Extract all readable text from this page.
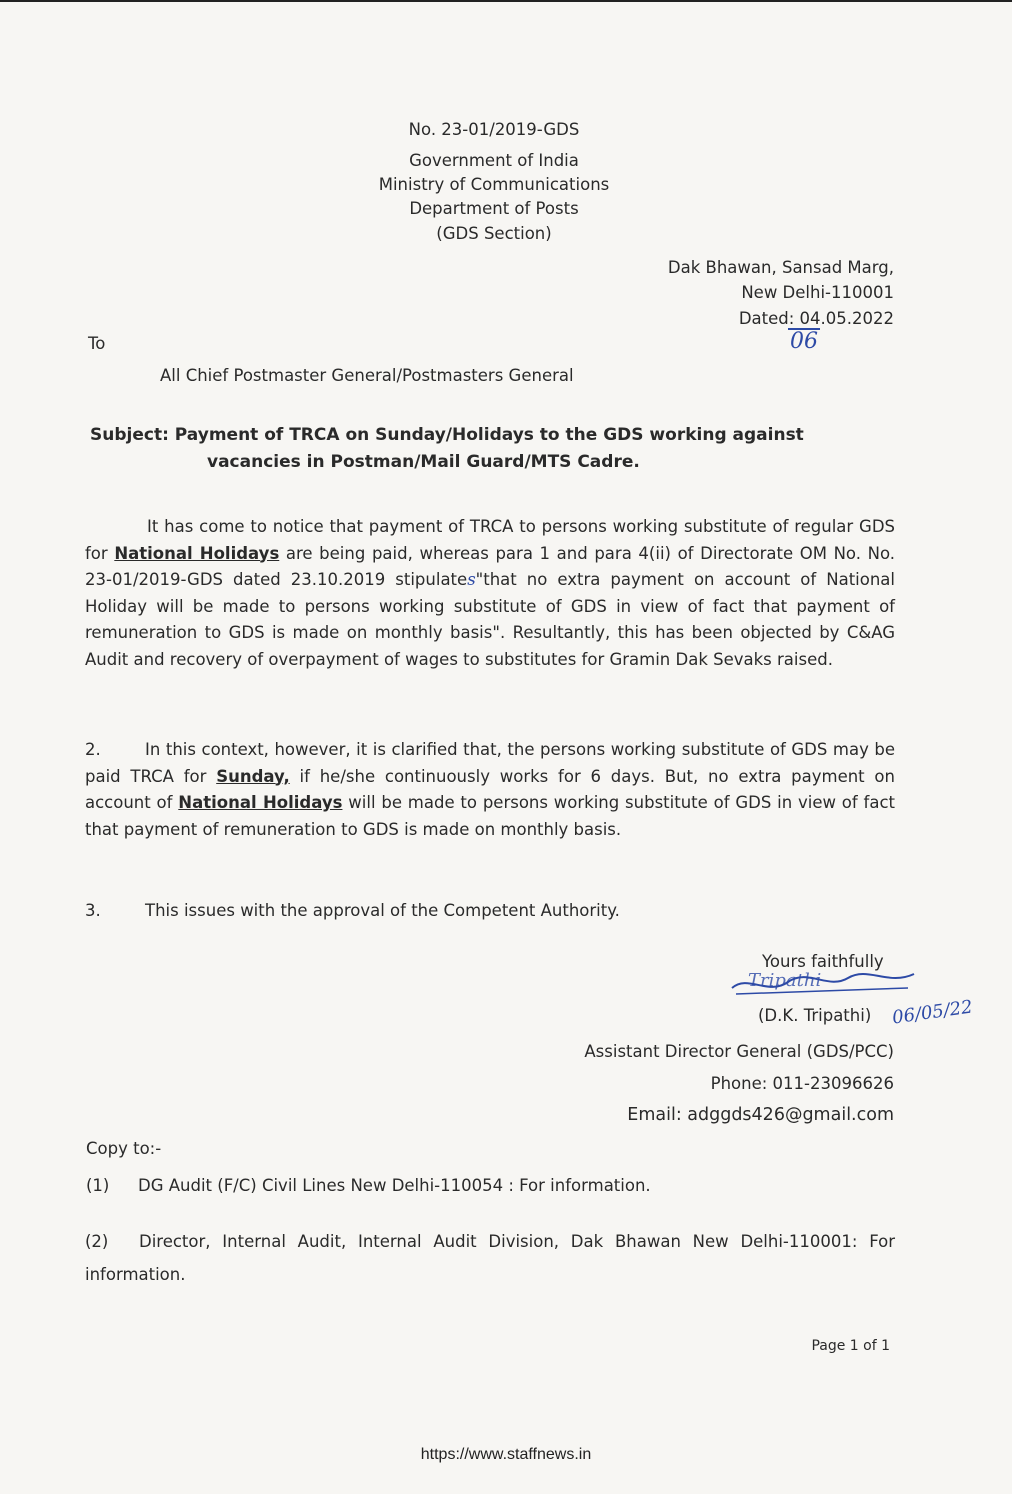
No. 23-01/2019-GDS
Government of India
Ministry of Communications
Department of Posts
(GDS Section)
Dak Bhawan, Sansad Marg,
New Delhi-110001
Dated: 04.05.2022
06
To
All Chief Postmaster General/Postmasters General
Subject: Payment of TRCA on Sunday/Holidays to the GDS working against
vacancies in Postman/Mail Guard/MTS Cadre.

It has come to notice that payment of TRCA to persons working substitute of regular GDS for National Holidays are being paid, whereas para 1 and para 4(ii) of Directorate OM No. No. 23-01/2019-GDS dated 23.10.2019 stipulates"that no extra payment on account of National Holiday will be made to persons working substitute of GDS in view of fact that payment of remuneration to GDS is made on monthly basis". Resultantly, this has been objected by C&AG Audit and recovery of overpayment of wages to substitutes for Gramin Dak Sevaks raised.

2.	In this context, however, it is clarified that, the persons working substitute of GDS may be paid TRCA for Sunday, if he/she continuously works for 6 days. But, no extra payment on account of National Holidays will be made to persons working substitute of GDS in view of fact that payment of remuneration to GDS is made on monthly basis.

3.	This issues with the approval of the Competent Authority.

Yours faithfully
Tripathi
(D.K. Tripathi) 06/05/22
Assistant Director General (GDS/PCC)
Phone: 011-23096626
Email: adggds426@gmail.com
Copy to:-
(1) DG Audit (F/C) Civil Lines New Delhi-110054 : For information.

(2) Director, Internal Audit, Internal Audit Division, Dak Bhawan New Delhi-110001: For information.

Page 1 of 1
https://www.staffnews.in
